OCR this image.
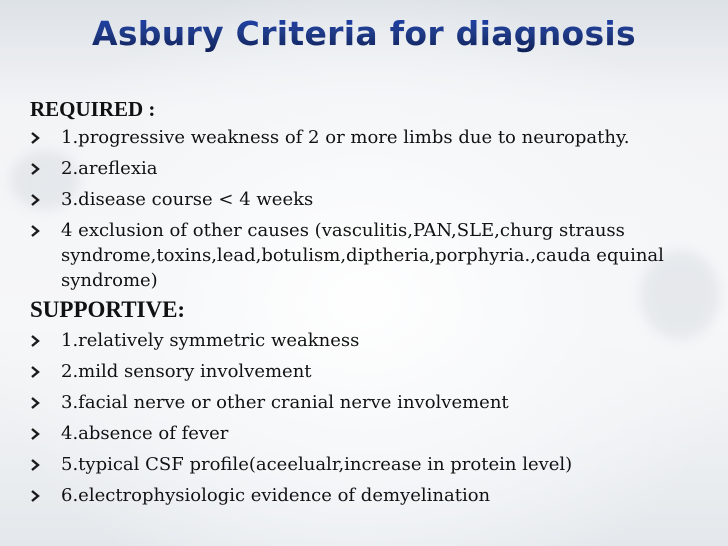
Asbury Criteria for diagnosis
REQUIRED :
1.progressive weakness of 2 or more limbs due to neuropathy.
2.areflexia
3.disease course < 4 weeks
4 exclusion of other causes (vasculitis,PAN,SLE,churg strauss syndrome,toxins,lead,botulism,diptheria,porphyria.,cauda equinal syndrome)
SUPPORTIVE:
1.relatively symmetric weakness
2.mild sensory involvement
3.facial nerve or other cranial nerve involvement
4.absence of fever
5.typical CSF profile(aceelualr,increase in protein level)
6.electrophysiologic evidence of demyelination
